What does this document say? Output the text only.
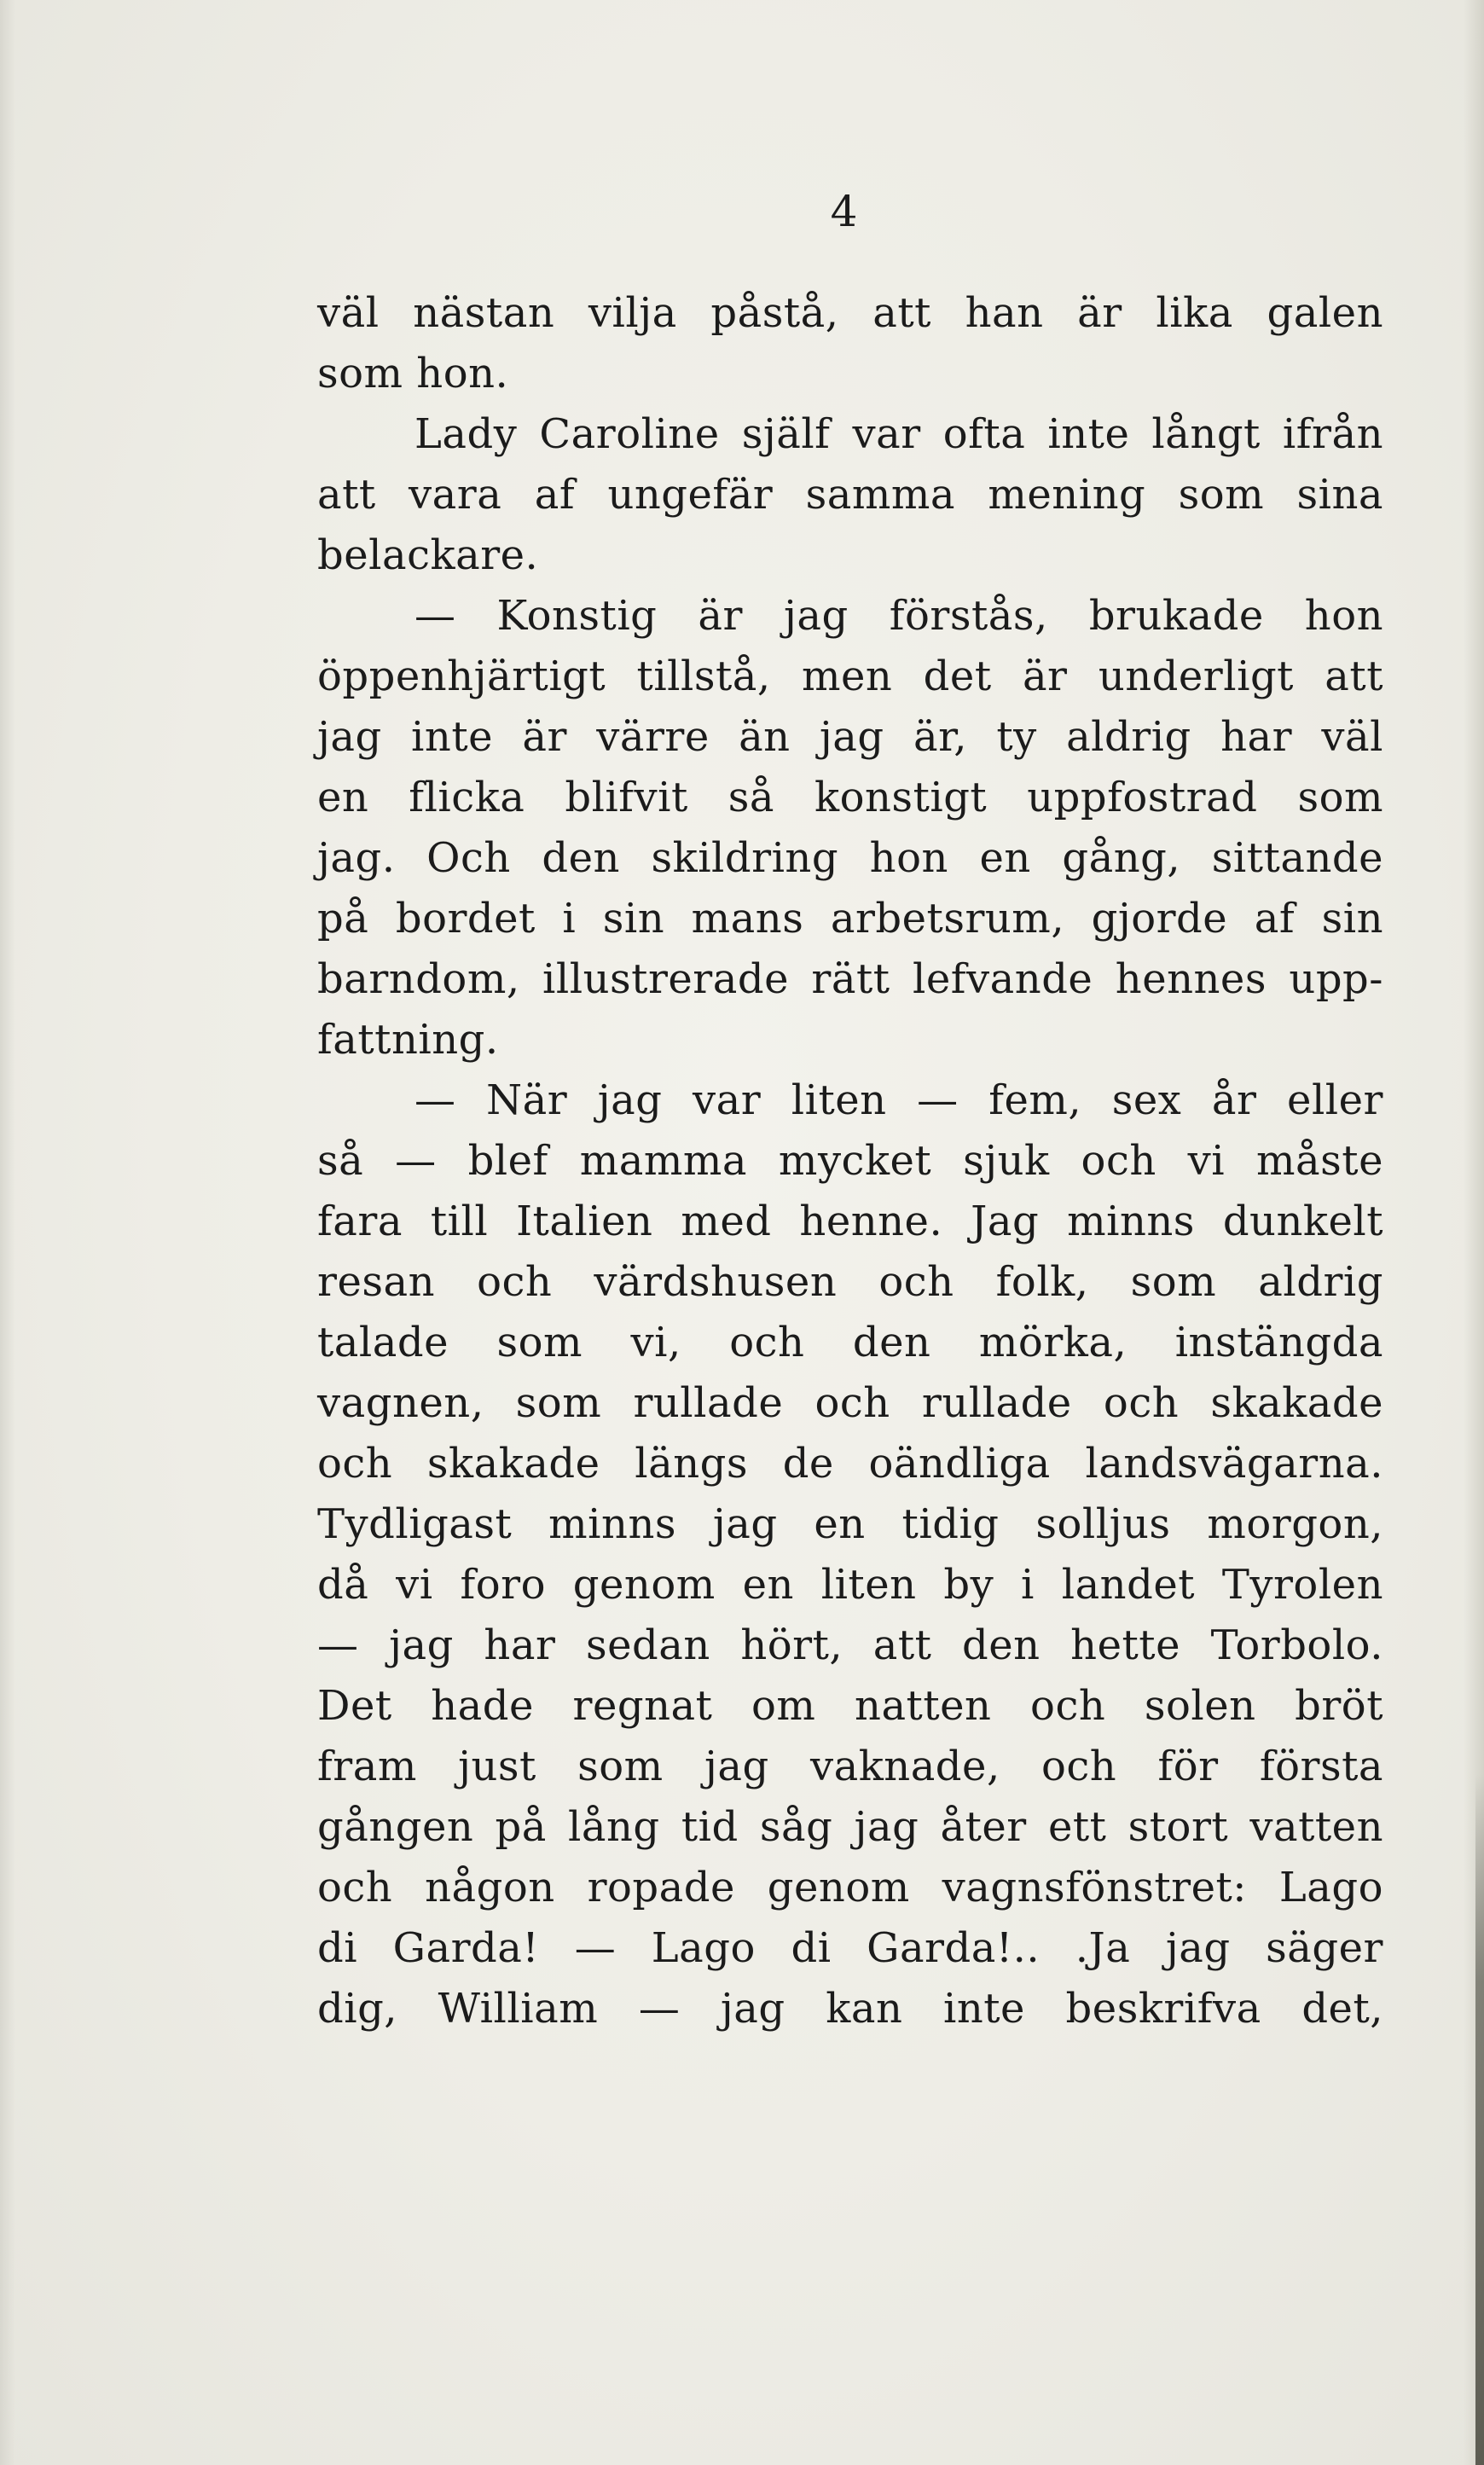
4
väl nästan vilja påstå, att han är lika galen
som hon.
Lady Caroline själf var ofta inte långt ifrån
att vara af ungefär samma mening som sina
belackare.
— Konstig är jag förstås, brukade hon
öppenhjärtigt tillstå, men det är underligt att
jag inte är värre än jag är, ty aldrig har väl
en flicka blifvit så konstigt uppfostrad som
jag. Och den skildring hon en gång, sittande
på bordet i sin mans arbetsrum, gjorde af sin
barndom, illustrerade rätt lefvande hennes upp-
fattning.
— När jag var liten — fem, sex år eller
så — blef mamma mycket sjuk och vi måste
fara till Italien med henne. Jag minns dunkelt
resan och värdshusen och folk, som aldrig
talade som vi, och den mörka, instängda
vagnen, som rullade och rullade och skakade
och skakade längs de oändliga landsvägarna.
Tydligast minns jag en tidig solljus morgon,
då vi foro genom en liten by i landet Tyrolen
— jag har sedan hört, att den hette Torbolo.
Det hade regnat om natten och solen bröt
fram just som jag vaknade, och för första
gången på lång tid såg jag åter ett stort vatten
och någon ropade genom vagnsfönstret: Lago
di Garda! — Lago di Garda!.. .Ja jag säger
dig, William — jag kan inte beskrifva det,
